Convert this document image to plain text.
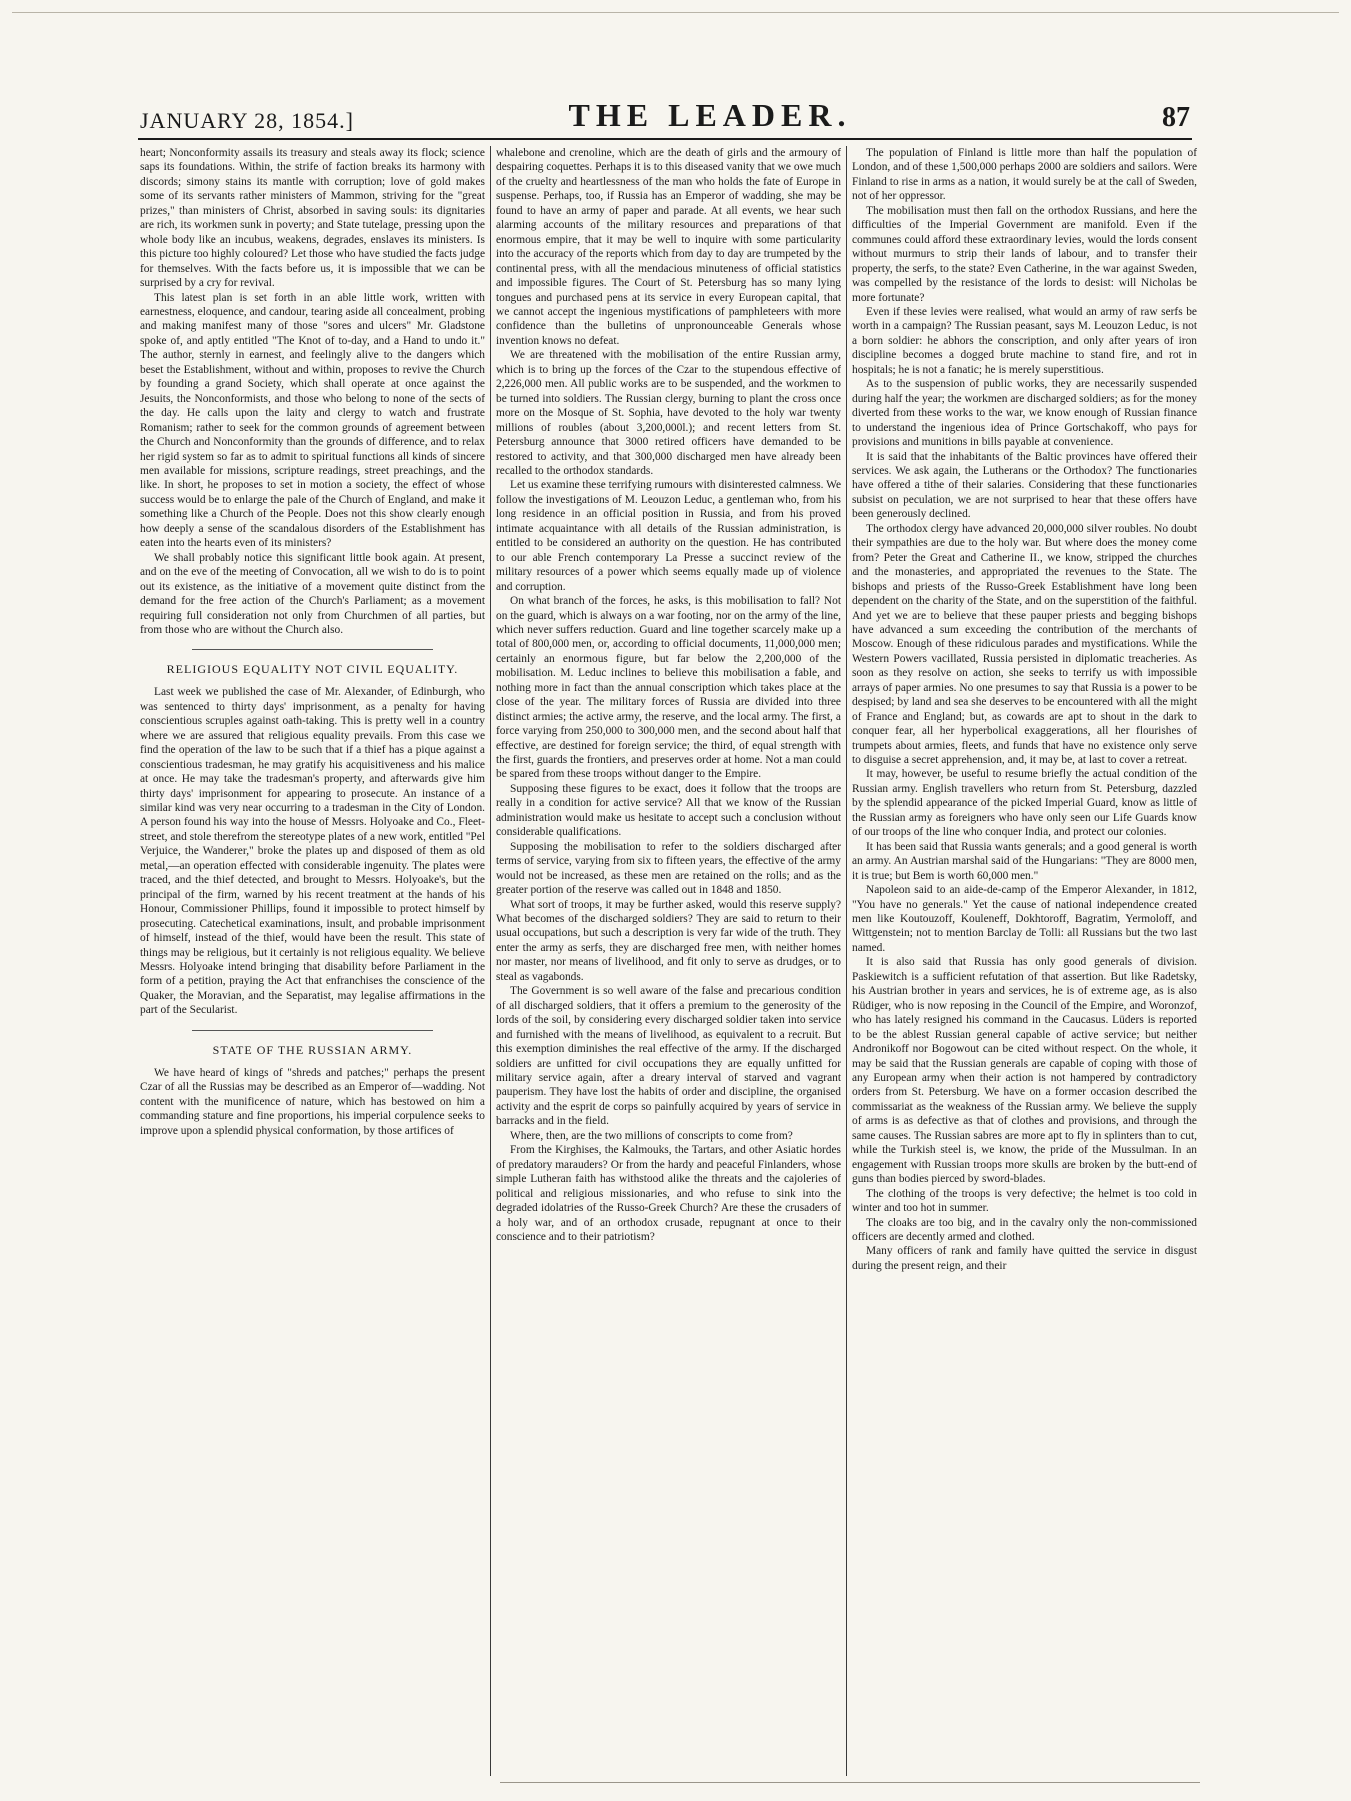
JANUARY 28, 1854.]	THE LEADER.	87

heart; Nonconformity assails its treasury and steals away its flock; science saps its foundations. Within, the strife of faction breaks its harmony with discords; simony stains its mantle with corruption; love of gold makes some of its servants rather ministers of Mammon, striving for the "great prizes," than ministers of Christ, absorbed in saving souls: its dignitaries are rich, its workmen sunk in poverty; and State tutelage, pressing upon the whole body like an incubus, weakens, degrades, enslaves its ministers. Is this picture too highly coloured? Let those who have studied the facts judge for themselves. With the facts before us, it is impossible that we can be surprised by a cry for revival.

This latest plan is set forth in an able little work, written with earnestness, eloquence, and candour, tearing aside all concealment, probing and making manifest many of those "sores and ulcers" Mr. Gladstone spoke of, and aptly entitled "The Knot of to-day, and a Hand to undo it." The author, sternly in earnest, and feelingly alive to the dangers which beset the Establishment, without and within, proposes to revive the Church by founding a grand Society, which shall operate at once against the Jesuits, the Nonconformists, and those who belong to none of the sects of the day. He calls upon the laity and clergy to watch and frustrate Romanism; rather to seek for the common grounds of agreement between the Church and Nonconformity than the grounds of difference, and to relax her rigid system so far as to admit to spiritual functions all kinds of sincere men available for missions, scripture readings, street preachings, and the like. In short, he proposes to set in motion a society, the effect of whose success would be to enlarge the pale of the Church of England, and make it something like a Church of the People. Does not this show clearly enough how deeply a sense of the scandalous disorders of the Establishment has eaten into the hearts even of its ministers?

We shall probably notice this significant little book again. At present, and on the eve of the meeting of Convocation, all we wish to do is to point out its existence, as the initiative of a movement quite distinct from the demand for the free action of the Church's Parliament; as a movement requiring full consideration not only from Churchmen of all parties, but from those who are without the Church also.

RELIGIOUS EQUALITY NOT CIVIL EQUALITY.

Last week we published the case of Mr. Alexander, of Edinburgh, who was sentenced to thirty days' imprisonment, as a penalty for having conscientious scruples against oath-taking. This is pretty well in a country where we are assured that religious equality prevails. From this case we find the operation of the law to be such that if a thief has a pique against a conscientious tradesman, he may gratify his acquisitiveness and his malice at once. He may take the tradesman's property, and afterwards give him thirty days' imprisonment for appearing to prosecute. An instance of a similar kind was very near occurring to a tradesman in the City of London. A person found his way into the house of Messrs. Holyoake and Co., Fleet-street, and stole therefrom the stereotype plates of a new work, entitled "Pel Verjuice, the Wanderer," broke the plates up and disposed of them as old metal,—an operation effected with considerable ingenuity. The plates were traced, and the thief detected, and brought to Messrs. Holyoake's, but the principal of the firm, warned by his recent treatment at the hands of his Honour, Commissioner Phillips, found it impossible to protect himself by prosecuting. Catechetical examinations, insult, and probable imprisonment of himself, instead of the thief, would have been the result. This state of things may be religious, but it certainly is not religious equality. We believe Messrs. Holyoake intend bringing that disability before Parliament in the form of a petition, praying the Act that enfranchises the conscience of the Quaker, the Moravian, and the Separatist, may legalise affirmations in the part of the Secularist.

STATE OF THE RUSSIAN ARMY.

We have heard of kings of "shreds and patches;" perhaps the present Czar of all the Russias may be described as an Emperor of—wadding. Not content with the munificence of nature, which has bestowed on him a commanding stature and fine proportions, his imperial corpulence seeks to improve upon a splendid physical conformation, by those artifices of

whalebone and crenoline, which are the death of girls and the armoury of despairing coquettes. Perhaps it is to this diseased vanity that we owe much of the cruelty and heartlessness of the man who holds the fate of Europe in suspense. Perhaps, too, if Russia has an Emperor of wadding, she may be found to have an army of paper and parade. At all events, we hear such alarming accounts of the military resources and preparations of that enormous empire, that it may be well to inquire with some particularity into the accuracy of the reports which from day to day are trumpeted by the continental press, with all the mendacious minuteness of official statistics and impossible figures. The Court of St. Petersburg has so many lying tongues and purchased pens at its service in every European capital, that we cannot accept the ingenious mystifications of pamphleteers with more confidence than the bulletins of unpronounceable Generals whose invention knows no defeat.

We are threatened with the mobilisation of the entire Russian army, which is to bring up the forces of the Czar to the stupendous effective of 2,226,000 men. All public works are to be suspended, and the workmen to be turned into soldiers. The Russian clergy, burning to plant the cross once more on the Mosque of St. Sophia, have devoted to the holy war twenty millions of roubles (about 3,200,000l.); and recent letters from St. Petersburg announce that 3000 retired officers have demanded to be restored to activity, and that 300,000 discharged men have already been recalled to the orthodox standards.

Let us examine these terrifying rumours with disinterested calmness. We follow the investigations of M. Leouzon Leduc, a gentleman who, from his long residence in an official position in Russia, and from his proved intimate acquaintance with all details of the Russian administration, is entitled to be considered an authority on the question. He has contributed to our able French contemporary La Presse a succinct review of the military resources of a power which seems equally made up of violence and corruption.

On what branch of the forces, he asks, is this mobilisation to fall? Not on the guard, which is always on a war footing, nor on the army of the line, which never suffers reduction. Guard and line together scarcely make up a total of 800,000 men, or, according to official documents, 11,000,000 men; certainly an enormous figure, but far below the 2,200,000 of the mobilisation. M. Leduc inclines to believe this mobilisation a fable, and nothing more in fact than the annual conscription which takes place at the close of the year. The military forces of Russia are divided into three distinct armies; the active army, the reserve, and the local army. The first, a force varying from 250,000 to 300,000 men, and the second about half that effective, are destined for foreign service; the third, of equal strength with the first, guards the frontiers, and preserves order at home. Not a man could be spared from these troops without danger to the Empire.

Supposing these figures to be exact, does it follow that the troops are really in a condition for active service? All that we know of the Russian administration would make us hesitate to accept such a conclusion without considerable qualifications.

Supposing the mobilisation to refer to the soldiers discharged after terms of service, varying from six to fifteen years, the effective of the army would not be increased, as these men are retained on the rolls; and as the greater portion of the reserve was called out in 1848 and 1850.

What sort of troops, it may be further asked, would this reserve supply? What becomes of the discharged soldiers? They are said to return to their usual occupations, but such a description is very far wide of the truth. They enter the army as serfs, they are discharged free men, with neither homes nor master, nor means of livelihood, and fit only to serve as drudges, or to steal as vagabonds.

The Government is so well aware of the false and precarious condition of all discharged soldiers, that it offers a premium to the generosity of the lords of the soil, by considering every discharged soldier taken into service and furnished with the means of livelihood, as equivalent to a recruit. But this exemption diminishes the real effective of the army. If the discharged soldiers are unfitted for civil occupations they are equally unfitted for military service again, after a dreary interval of starved and vagrant pauperism. They have lost the habits of order and discipline, the organised activity and the esprit de corps so painfully acquired by years of service in barracks and in the field.

Where, then, are the two millions of conscripts to come from?

From the Kirghises, the Kalmouks, the Tartars, and other Asiatic hordes of predatory marauders? Or from the hardy and peaceful Finlanders, whose simple Lutheran faith has withstood alike the threats and the cajoleries of political and religious missionaries, and who refuse to sink into the degraded idolatries of the Russo-Greek Church? Are these the crusaders of a holy war, and of an orthodox crusade, repugnant at once to their conscience and to their patriotism?

The population of Finland is little more than half the population of London, and of these 1,500,000 perhaps 2000 are soldiers and sailors. Were Finland to rise in arms as a nation, it would surely be at the call of Sweden, not of her oppressor.

The mobilisation must then fall on the orthodox Russians, and here the difficulties of the Imperial Government are manifold. Even if the communes could afford these extraordinary levies, would the lords consent without murmurs to strip their lands of labour, and to transfer their property, the serfs, to the state? Even Catherine, in the war against Sweden, was compelled by the resistance of the lords to desist: will Nicholas be more fortunate?

Even if these levies were realised, what would an army of raw serfs be worth in a campaign? The Russian peasant, says M. Leouzon Leduc, is not a born soldier: he abhors the conscription, and only after years of iron discipline becomes a dogged brute machine to stand fire, and rot in hospitals; he is not a fanatic; he is merely superstitious.

As to the suspension of public works, they are necessarily suspended during half the year; the workmen are discharged soldiers; as for the money diverted from these works to the war, we know enough of Russian finance to understand the ingenious idea of Prince Gortschakoff, who pays for provisions and munitions in bills payable at convenience.

It is said that the inhabitants of the Baltic provinces have offered their services. We ask again, the Lutherans or the Orthodox? The functionaries have offered a tithe of their salaries. Considering that these functionaries subsist on peculation, we are not surprised to hear that these offers have been generously declined.

The orthodox clergy have advanced 20,000,000 silver roubles. No doubt their sympathies are due to the holy war. But where does the money come from? Peter the Great and Catherine II., we know, stripped the churches and the monasteries, and appropriated the revenues to the State. The bishops and priests of the Russo-Greek Establishment have long been dependent on the charity of the State, and on the superstition of the faithful. And yet we are to believe that these pauper priests and begging bishops have advanced a sum exceeding the contribution of the merchants of Moscow. Enough of these ridiculous parades and mystifications. While the Western Powers vacillated, Russia persisted in diplomatic treacheries. As soon as they resolve on action, she seeks to terrify us with impossible arrays of paper armies. No one presumes to say that Russia is a power to be despised; by land and sea she deserves to be encountered with all the might of France and England; but, as cowards are apt to shout in the dark to conquer fear, all her hyperbolical exaggerations, all her flourishes of trumpets about armies, fleets, and funds that have no existence only serve to disguise a secret apprehension, and, it may be, at last to cover a retreat.

It may, however, be useful to resume briefly the actual condition of the Russian army. English travellers who return from St. Petersburg, dazzled by the splendid appearance of the picked Imperial Guard, know as little of the Russian army as foreigners who have only seen our Life Guards know of our troops of the line who conquer India, and protect our colonies.

It has been said that Russia wants generals; and a good general is worth an army. An Austrian marshal said of the Hungarians: "They are 8000 men, it is true; but Bem is worth 60,000 men."

Napoleon said to an aide-de-camp of the Emperor Alexander, in 1812, "You have no generals." Yet the cause of national independence created men like Koutouzoff, Kouleneff, Dokhtoroff, Bagratim, Yermoloff, and Wittgenstein; not to mention Barclay de Tolli: all Russians but the two last named.

It is also said that Russia has only good generals of division. Paskiewitch is a sufficient refutation of that assertion. But like Radetsky, his Austrian brother in years and services, he is of extreme age, as is also Rüdiger, who is now reposing in the Council of the Empire, and Woronzof, who has lately resigned his command in the Caucasus. Lüders is reported to be the ablest Russian general capable of active service; but neither Andronikoff nor Bogowout can be cited without respect. On the whole, it may be said that the Russian generals are capable of coping with those of any European army when their action is not hampered by contradictory orders from St. Petersburg. We have on a former occasion described the commissariat as the weakness of the Russian army. We believe the supply of arms is as defective as that of clothes and provisions, and through the same causes. The Russian sabres are more apt to fly in splinters than to cut, while the Turkish steel is, we know, the pride of the Mussulman. In an engagement with Russian troops more skulls are broken by the butt-end of guns than bodies pierced by sword-blades.

The clothing of the troops is very defective; the helmet is too cold in winter and too hot in summer.

The cloaks are too big, and in the cavalry only the non-commissioned officers are decently armed and clothed.

Many officers of rank and family have quitted the service in disgust during the present reign, and their
